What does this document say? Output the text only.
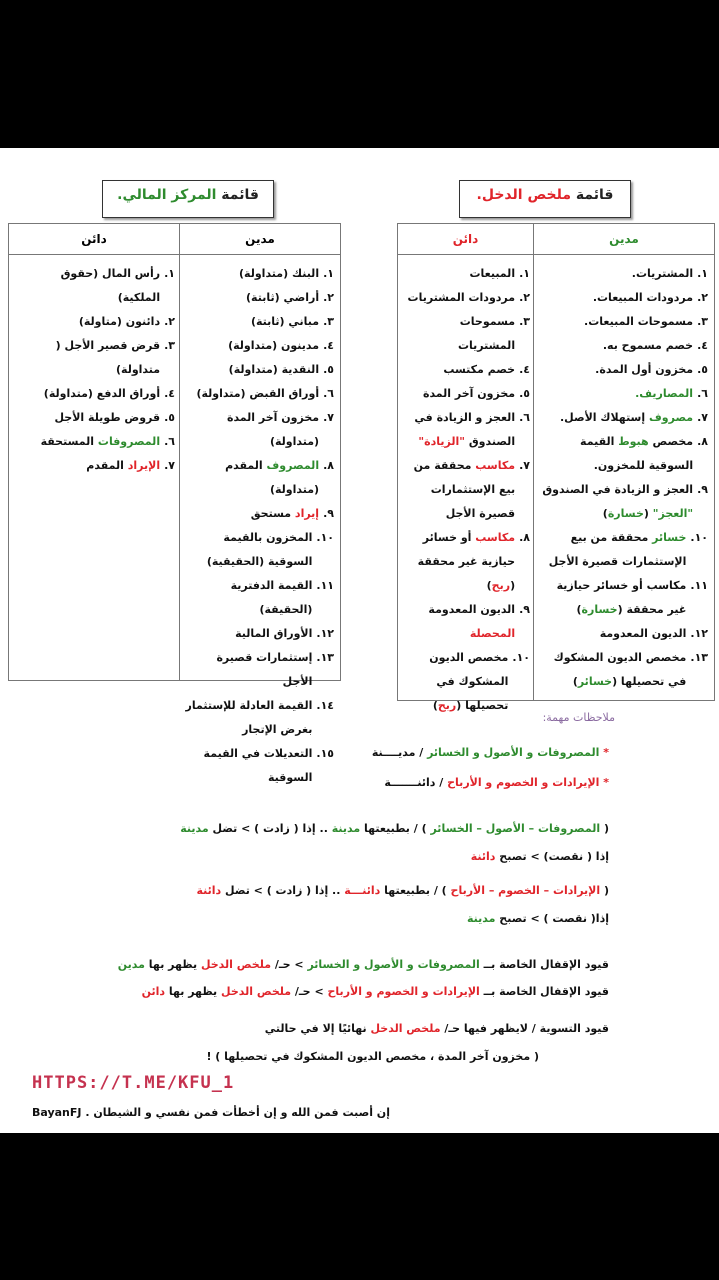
قائمة ملخص الدخل.
مدين
دائن
١.
المشتريات.
٢.
مردودات المبيعات.
٣.
مسموحات المبيعات.
٤.
خصم مسموح به.
٥.
مخزون أول المدة.
٦.
المصاريف.
٧.
مصروف إستهلاك الأصل.
٨.
مخصص هبوط القيمة السوقية للمخزون.
٩.
العجز و الزيادة في الصندوق "العجز" (خسارة)
١٠.
خسائر محققة من بيع الإستثمارات قصيرة الأجل
١١.
مكاسب أو خسائر حيازية غير محققة (خسارة)
١٢.
الديون المعدومة
١٣.
مخصص الديون المشكوك في تحصيلها (خسائر)
١.
المبيعات
٢.
مردودات المشتريات
٣.
مسموحات المشتريات
٤.
خصم مكتسب
٥.
مخزون آخر المدة
٦.
العجز و الزيادة في الصندوق "الزيادة"
٧.
مكاسب محققة من بيع الإستثمارات قصيرة الأجل
٨.
مكاسب أو خسائر حيازية غير محققة (ربح)
٩.
الديون المعدومة المحصلة
١٠.
مخصص الديون المشكوك في تحصيلها (ربح)
قائمة المركز المالي.
مدين
دائن
١.
البنك (متداولة)
٢.
أراضي (ثابتة)
٣.
مباني (ثابتة)
٤.
مدينون (متداولة)
٥.
النقدية (متداولة)
٦.
أوراق القبض (متداولة)
٧.
مخزون آخر المدة (متداولة)
٨.
المصروف المقدم (متداولة)
٩.
إيراد مستحق
١٠.
المخزون بالقيمة السوقية (الحقيقية)
١١.
القيمة الدفترية (الحقيقة)
١٢.
الأوراق المالية
١٣.
إستثمارات قصيرة الأجل
١٤.
القيمة العادلة للإستثمار بغرض الإتجار
١٥.
التعديلات في القيمة السوقية
١.
رأس المال (حقوق الملكية)
٢.
دائنون (متاولة)
٣.
قرض قصير الأجل ( متداولة)
٤.
أوراق الدفع (متداولة)
٥.
قروض طويلة الأجل
٦.
المصروفات المستحقة
٧.
الإيراد المقدم
ملاحظات مهمة:
* المصروفات و الأصول و الخسائر / مديــــنة
* الإيرادات و الخصوم و الأرباح / دائنـــــــة
( المصروفات – الأصول – الخسائر ) / بطبيعتها مدينة .. إذا ( زادت ) > تضل مدينة
إذا ( نقصت) > تصبح دائنة
( الإيرادات – الخصوم – الأرباح ) / بطبيعتها دائنـــة .. إذا ( زادت ) > تضل دائنة
إذا( نقصت ) > تصبح مدينة
قيود الإقفال الخاصة بــ المصروفات و الأصول و الخسائر > حـ/ ملخص الدخل يظهر بها مدين
قيود الإقفال الخاصة بــ الإيرادات و الخصوم و الأرباح > حـ/ ملخص الدخل يظهر بها دائن
قيود التسوية / لايظهر فيها حـ/ ملخص الدخل نهائيًا إلا في حالتي
( مخزون آخر المدة ، مخصص الديون المشكوك في تحصيلها ) !
HTTPS://T.ME/KFU_1
إن أصبت فمن الله و إن أخطأت فمن نفسي و الشيطان . BayanFJ
